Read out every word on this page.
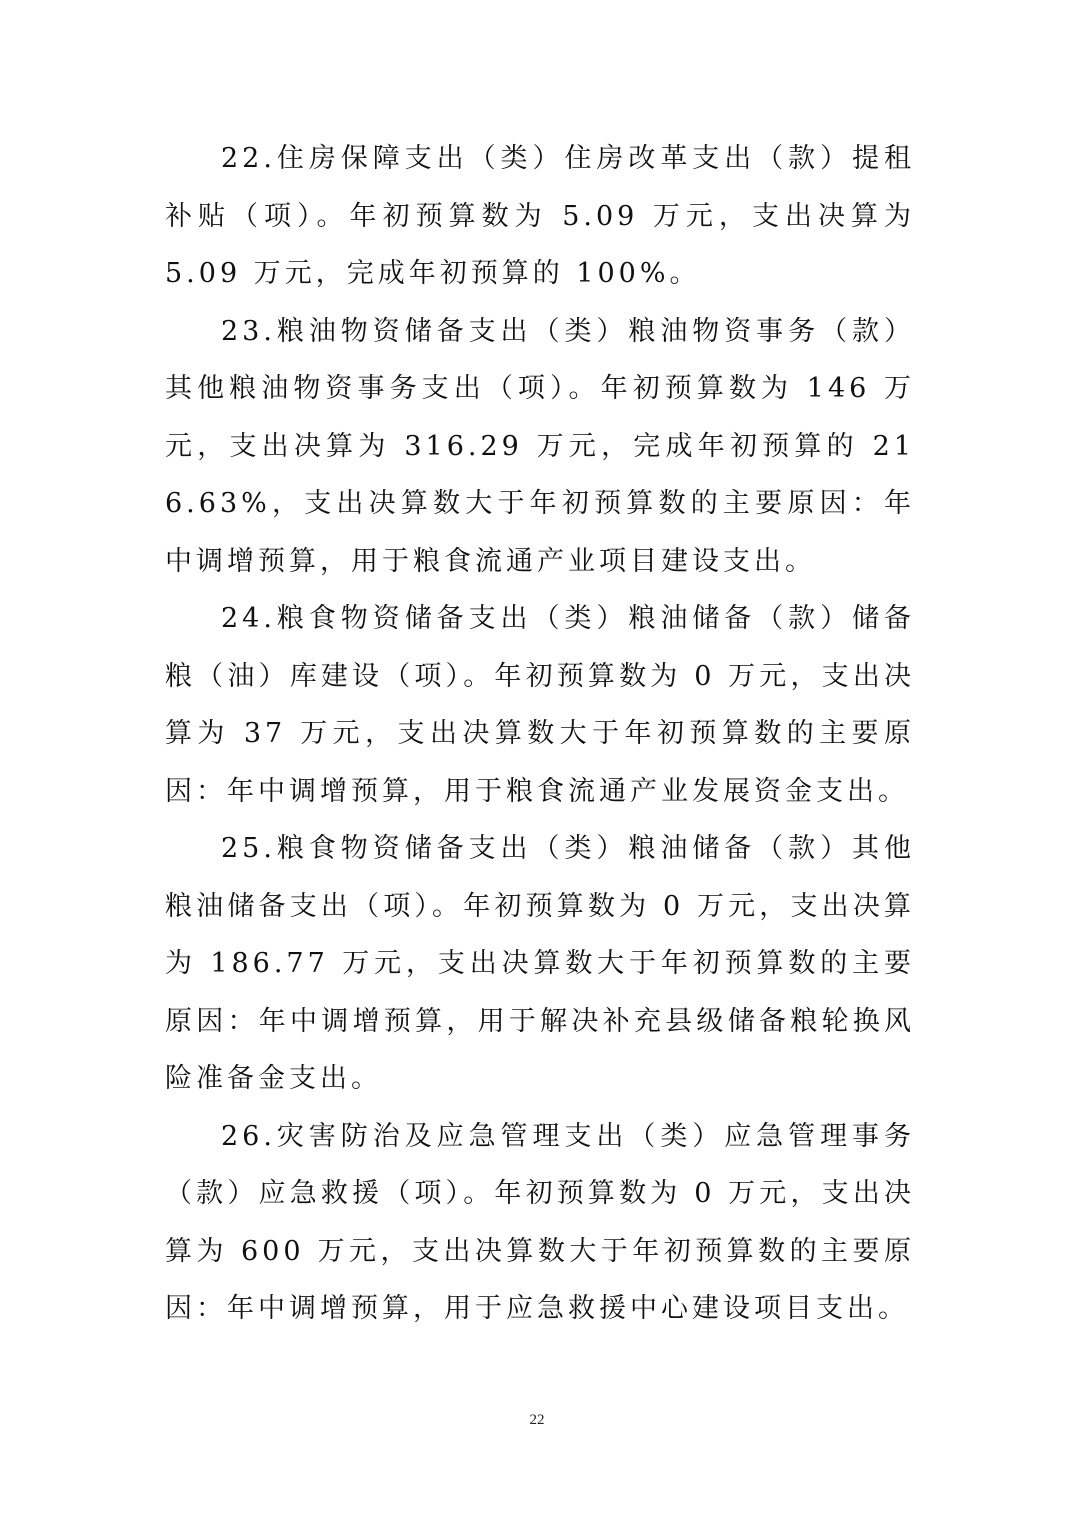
22.住房保障支出（类）住房改革支出（款）提租补贴（项）。年初预算数为 5.09 万元，支出决算为 5.09 万元，完成年初预算的 100%。

23.粮油物资储备支出（类）粮油物资事务（款）其他粮油物资事务支出（项）。年初预算数为 146 万元，支出决算为 316.29 万元，完成年初预算的 216.63%，支出决算数大于年初预算数的主要原因：年中调增预算，用于粮食流通产业项目建设支出。

24.粮食物资储备支出（类）粮油储备（款）储备粮（油）库建设（项）。年初预算数为 0 万元，支出决算为 37 万元，支出决算数大于年初预算数的主要原因：年中调增预算，用于粮食流通产业发展资金支出。

25.粮食物资储备支出（类）粮油储备（款）其他粮油储备支出（项）。年初预算数为 0 万元，支出决算为 186.77 万元，支出决算数大于年初预算数的主要原因：年中调增预算，用于解决补充县级储备粮轮换风险准备金支出。

26.灾害防治及应急管理支出（类）应急管理事务（款）应急救援（项）。年初预算数为 0 万元，支出决算为 600 万元，支出决算数大于年初预算数的主要原因：年中调增预算，用于应急救援中心建设项目支出。

22
